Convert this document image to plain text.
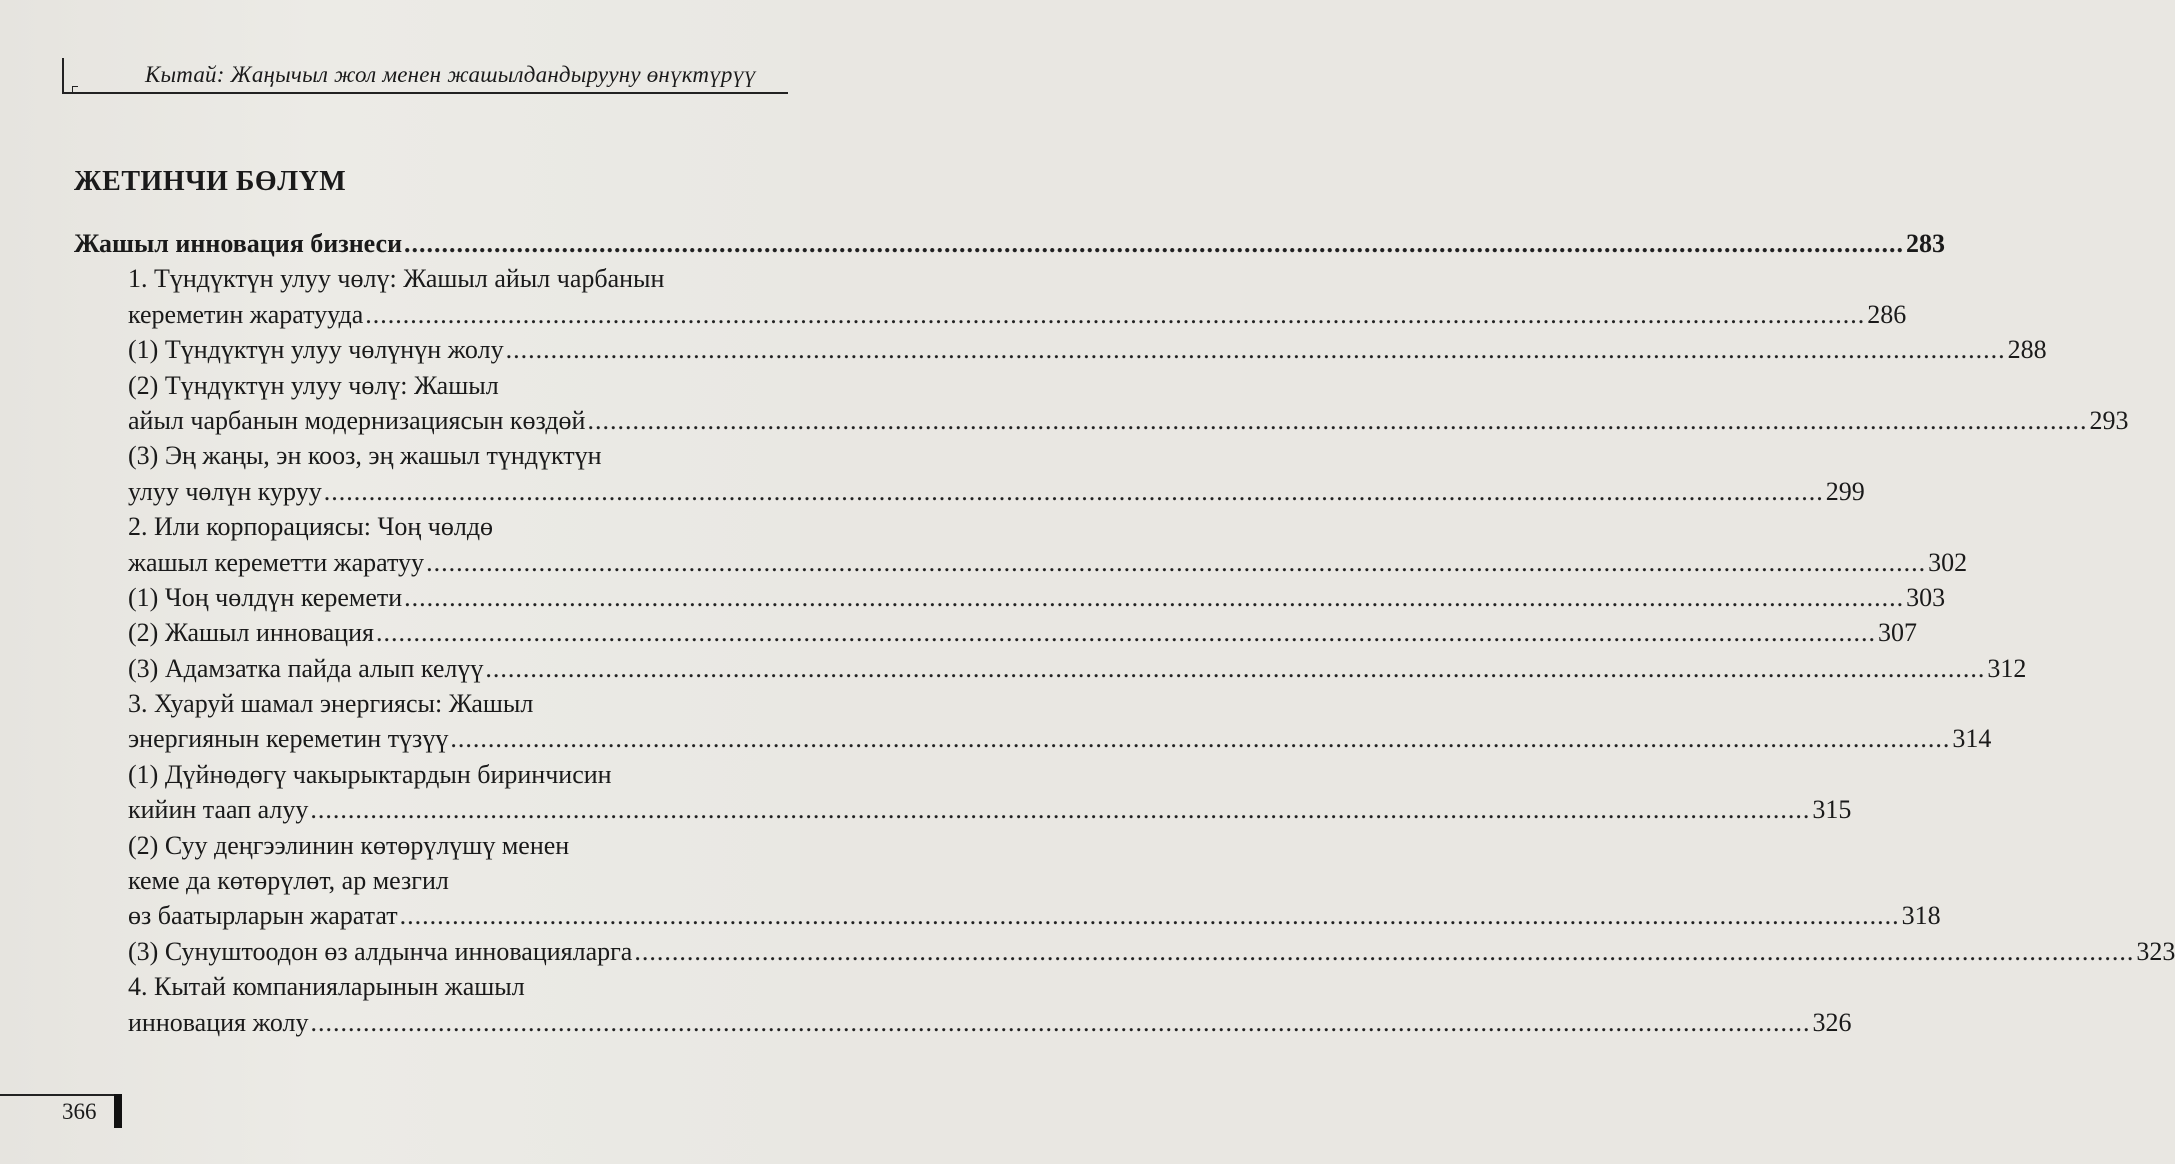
Кытай: Жаңычыл жол менен жашылдандырууну өнүктүрүү
ЖЕТИНЧИ БӨЛҮМ
Жашыл инновация бизнеси ........................................................................................................................................................................................................ 283
1. Түндүктүн улуу чөлү: Жашыл айыл чарбанын
кереметин жаратууда ........................................................................................................................................................................................................ 286
(1) Түндүктүн улуу чөлүнүн жолу ........................................................................................................................................................................................................ 288
(2) Түндүктүн улуу чөлү: Жашыл
айыл чарбанын модернизациясын көздөй ........................................................................................................................................................................................................ 293
(3) Эң жаңы, эн кооз, эң жашыл түндүктүн
улуу чөлүн куруу ........................................................................................................................................................................................................ 299
2. Или корпорациясы: Чоң чөлдө
жашыл кереметти жаратуу ........................................................................................................................................................................................................ 302
(1) Чоң чөлдүн керемети ........................................................................................................................................................................................................ 303
(2) Жашыл инновация ........................................................................................................................................................................................................ 307
(3) Адамзатка пайда алып келүү ........................................................................................................................................................................................................ 312
3. Хуаруй шамал энергиясы: Жашыл
энергиянын кереметин түзүү ........................................................................................................................................................................................................ 314
(1) Дүйнөдөгү чакырыктардын биринчисин
кийин таап алуу ........................................................................................................................................................................................................ 315
(2) Суу деңгээлинин көтөрүлүшү менен
кеме да көтөрүлөт, ар мезгил
өз баатырларын жаратат ........................................................................................................................................................................................................ 318
(3) Сунуштоодон өз алдынча инновацияларга ........................................................................................................................................................................................................ 323
4. Кытай компанияларынын жашыл
инновация жолу ........................................................................................................................................................................................................ 326
366
